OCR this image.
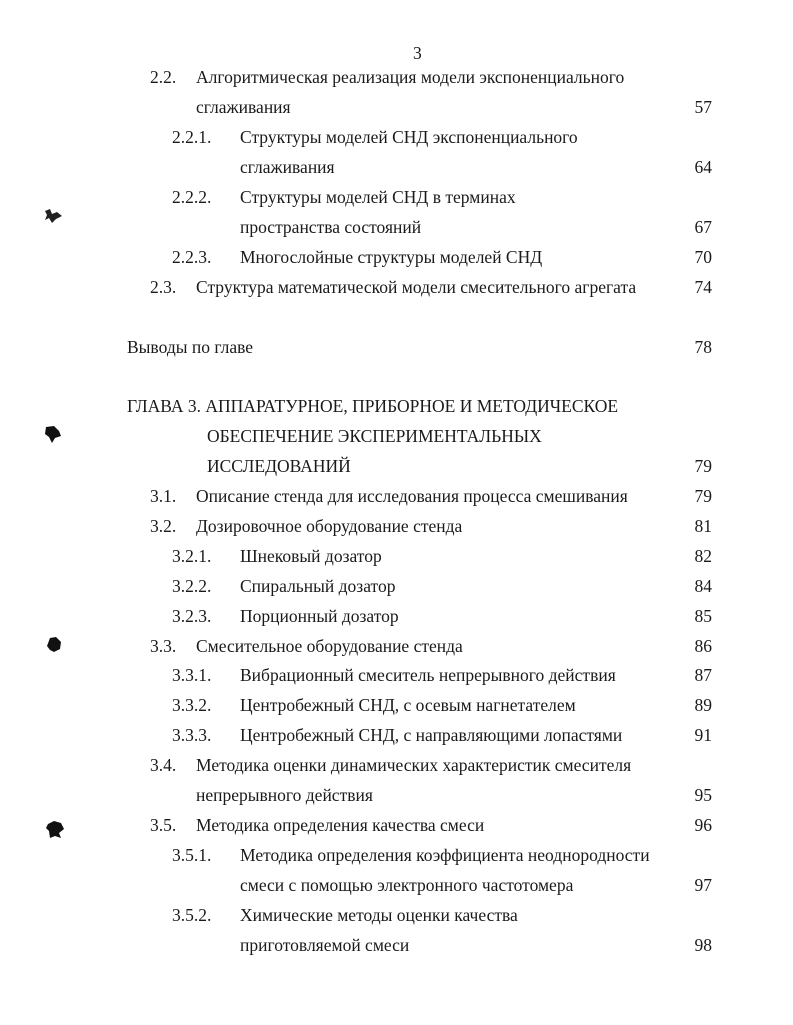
3
2.2. Алгоритмическая реализация модели экспоненциального
сглаживания	57
2.2.1. Структуры моделей СНД экспоненциального
сглаживания	64
2.2.2. Структуры моделей СНД в терминах
пространства состояний	67
2.2.3. Многослойные структуры моделей СНД	70
2.3. Структура математической модели смесительного агрегата	74
Выводы по главе	78
ГЛАВА 3. АППАРАТУРНОЕ, ПРИБОРНОЕ И МЕТОДИЧЕСКОЕ
ОБЕСПЕЧЕНИЕ ЭКСПЕРИМЕНТАЛЬНЫХ
ИССЛЕДОВАНИЙ	79
3.1. Описание стенда для исследования процесса смешивания	79
3.2. Дозировочное оборудование стенда	81
3.2.1. Шнековый дозатор	82
3.2.2. Спиральный дозатор	84
3.2.3. Порционный дозатор	85
3.3. Смесительное оборудование стенда	86
3.3.1. Вибрационный смеситель непрерывного действия	87
3.3.2. Центробежный СНД, с осевым нагнетателем	89
3.3.3. Центробежный СНД, с направляющими лопастями	91
3.4. Методика оценки динамических характеристик смесителя
непрерывного действия	95
3.5. Методика определения качества смеси	96
3.5.1. Методика определения коэффициента неоднородности
смеси с помощью электронного частотомера	97
3.5.2. Химические методы оценки качества
приготовляемой смеси	98
